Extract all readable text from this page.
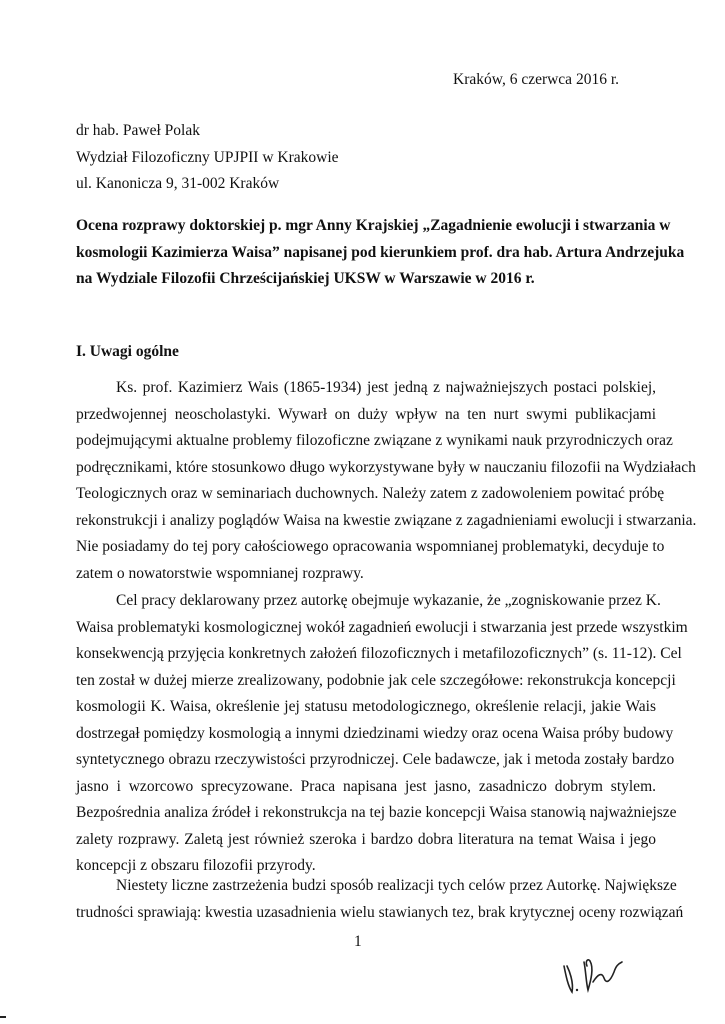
Kraków, 6 czerwca 2016 r.
dr hab. Paweł Polak
Wydział Filozoficzny UPJPII w Krakowie
ul. Kanonicza 9, 31-002 Kraków
Ocena rozprawy doktorskiej p. mgr Anny Krajskiej „Zagadnienie ewolucji i stwarzania w
kosmologii Kazimierza Waisa” napisanej pod kierunkiem prof. dra hab. Artura Andrzejuka
na Wydziale Filozofii Chrześcijańskiej UKSW w Warszawie w 2016 r.
I. Uwagi ogólne
Ks. prof. Kazimierz Wais (1865-1934) jest jedną z najważniejszych postaci polskiej,
przedwojennej neoscholastyki. Wywarł on duży wpływ na ten nurt swymi publikacjami
podejmującymi aktualne problemy filozoficzne związane z wynikami nauk przyrodniczych oraz
podręcznikami, które stosunkowo długo wykorzystywane były w nauczaniu filozofii na Wydziałach
Teologicznych oraz w seminariach duchownych. Należy zatem z zadowoleniem powitać próbę
rekonstrukcji i analizy poglądów Waisa na kwestie związane z zagadnieniami ewolucji i stwarzania.
Nie posiadamy do tej pory całościowego opracowania wspomnianej problematyki, decyduje to
zatem o nowatorstwie wspomnianej rozprawy.
Cel pracy deklarowany przez autorkę obejmuje wykazanie, że „zogniskowanie przez K.
Waisa problematyki kosmologicznej wokół zagadnień ewolucji i stwarzania jest przede wszystkim
konsekwencją przyjęcia konkretnych założeń filozoficznych i metafilozoficznych” (s. 11-12). Cel
ten został w dużej mierze zrealizowany, podobnie jak cele szczegółowe: rekonstrukcja koncepcji
kosmologii K. Waisa, określenie jej statusu metodologicznego, określenie relacji, jakie Wais
dostrzegał pomiędzy kosmologią a innymi dziedzinami wiedzy oraz ocena Waisa próby budowy
syntetycznego obrazu rzeczywistości przyrodniczej. Cele badawcze, jak i metoda zostały bardzo
jasno i wzorcowo sprecyzowane. Praca napisana jest jasno, zasadniczo dobrym stylem.
Bezpośrednia analiza źródeł i rekonstrukcja na tej bazie koncepcji Waisa stanowią najważniejsze
zalety rozprawy. Zaletą jest również szeroka i bardzo dobra literatura na temat Waisa i jego
koncepcji z obszaru filozofii przyrody.
Niestety liczne zastrzeżenia budzi sposób realizacji tych celów przez Autorkę. Największe
trudności sprawiają: kwestia uzasadnienia wielu stawianych tez, brak krytycznej oceny rozwiązań
1
